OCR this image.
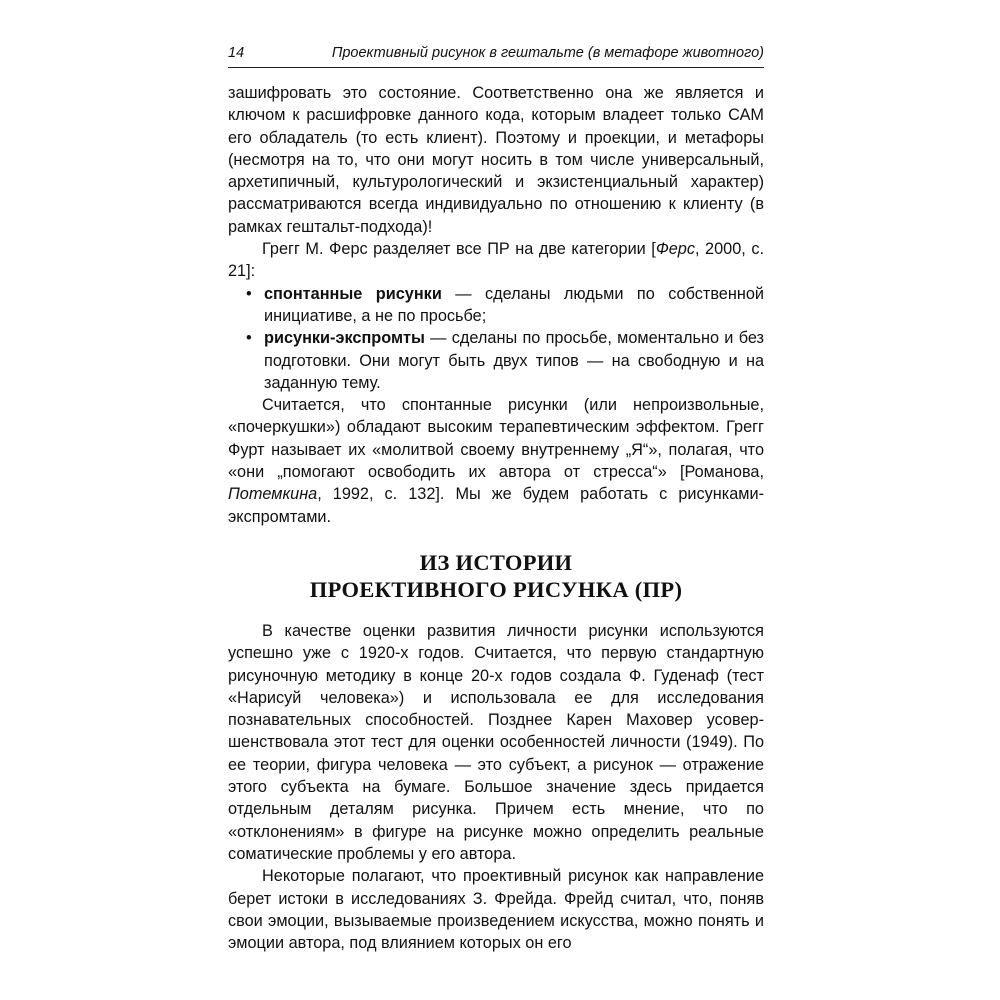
14	Проективный рисунок в гештальте (в метафоре животного)

зашифровать это состояние. Соответственно она же является и ключом к расшифровке данного кода, которым владеет только САМ его обладатель (то есть клиент). Поэтому и проекции, и метафоры (несмотря на то, что они могут носить в том числе универсальный, архетипичный, культурологический и экзистенциальный характер) рассматриваются всегда индивидуально по отношению к клиенту (в рамках гештальт-подхода)!

Грегг М. Ферс разделяет все ПР на две категории [Ферс, 2000, с. 21]:

• спонтанные рисунки — сделаны людьми по собственной инициативе, а не по просьбе;
• рисунки-экспромты — сделаны по просьбе, моментально и без подготовки. Они могут быть двух типов — на свободную и на заданную тему.

Считается, что спонтанные рисунки (или непроизвольные, «почеркушки») обладают высоким терапевтическим эффектом. Грегг Фурт называет их «молитвой своему внутреннему „Я“», полагая, что «они „помогают освободить их автора от стресса“» [Романова, Потемкина, 1992, с. 132]. Мы же будем работать с рисунками-экспромтами.

ИЗ ИСТОРИИ
ПРОЕКТИВНОГО РИСУНКА (ПР)

В качестве оценки развития личности рисунки используются успешно уже с 1920-х годов. Считается, что первую стандартную рисуночную методику в конце 20-х годов создала Ф. Гуденаф (тест «Нарисуй человека») и использовала ее для исследования познавательных способностей. Позднее Карен Маховер усовершенствовала этот тест для оценки особенностей личности (1949). По ее теории, фигура человека — это субъект, а рисунок — отражение этого субъекта на бумаге. Большое значение здесь придается отдельным деталям рисунка. Причем есть мнение, что по «отклонениям» в фигуре на рисунке можно определить реальные соматические проблемы у его автора.

Некоторые полагают, что проективный рисунок как направление берет истоки в исследованиях З. Фрейда. Фрейд считал, что, поняв свои эмоции, вызываемые произведением искусства, можно понять и эмоции автора, под влиянием которых он его
